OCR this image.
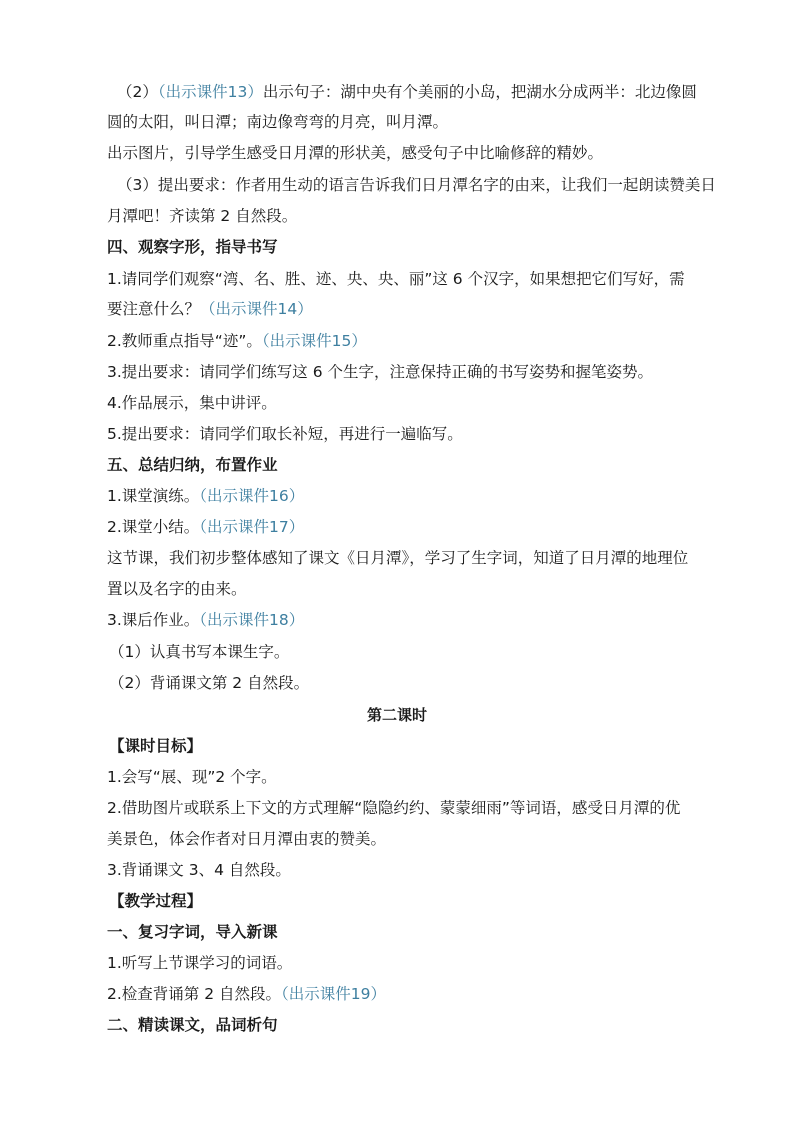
（2）（出示课件13）出示句子：湖中央有个美丽的小岛，把湖水分成两半：北边像圆
圆的太阳，叫日潭；南边像弯弯的月亮，叫月潭。
出示图片，引导学生感受日月潭的形状美，感受句子中比喻修辞的精妙。
（3）提出要求：作者用生动的语言告诉我们日月潭名字的由来，让我们一起朗读赞美日
月潭吧！齐读第 2 自然段。
四、观察字形，指导书写
1.请同学们观察“湾、名、胜、迹、央、央、丽”这 6 个汉字，如果想把它们写好，需
要注意什么？（出示课件14）
2.教师重点指导“迹”。（出示课件15）
3.提出要求：请同学们练写这 6 个生字，注意保持正确的书写姿势和握笔姿势。
4.作品展示，集中讲评。
5.提出要求：请同学们取长补短，再进行一遍临写。
五、总结归纳，布置作业
1.课堂演练。（出示课件16）
2.课堂小结。（出示课件17）
这节课，我们初步整体感知了课文《日月潭》，学习了生字词，知道了日月潭的地理位
置以及名字的由来。
3.课后作业。（出示课件18）
（1）认真书写本课生字。
（2）背诵课文第 2 自然段。
第二课时
【课时目标】
1.会写“展、现”2 个字。
2.借助图片或联系上下文的方式理解“隐隐约约、蒙蒙细雨”等词语，感受日月潭的优
美景色，体会作者对日月潭由衷的赞美。
3.背诵课文 3、4 自然段。
【教学过程】
一、复习字词，导入新课
1.听写上节课学习的词语。
2.检查背诵第 2 自然段。（出示课件19）
二、精读课文，品词析句
